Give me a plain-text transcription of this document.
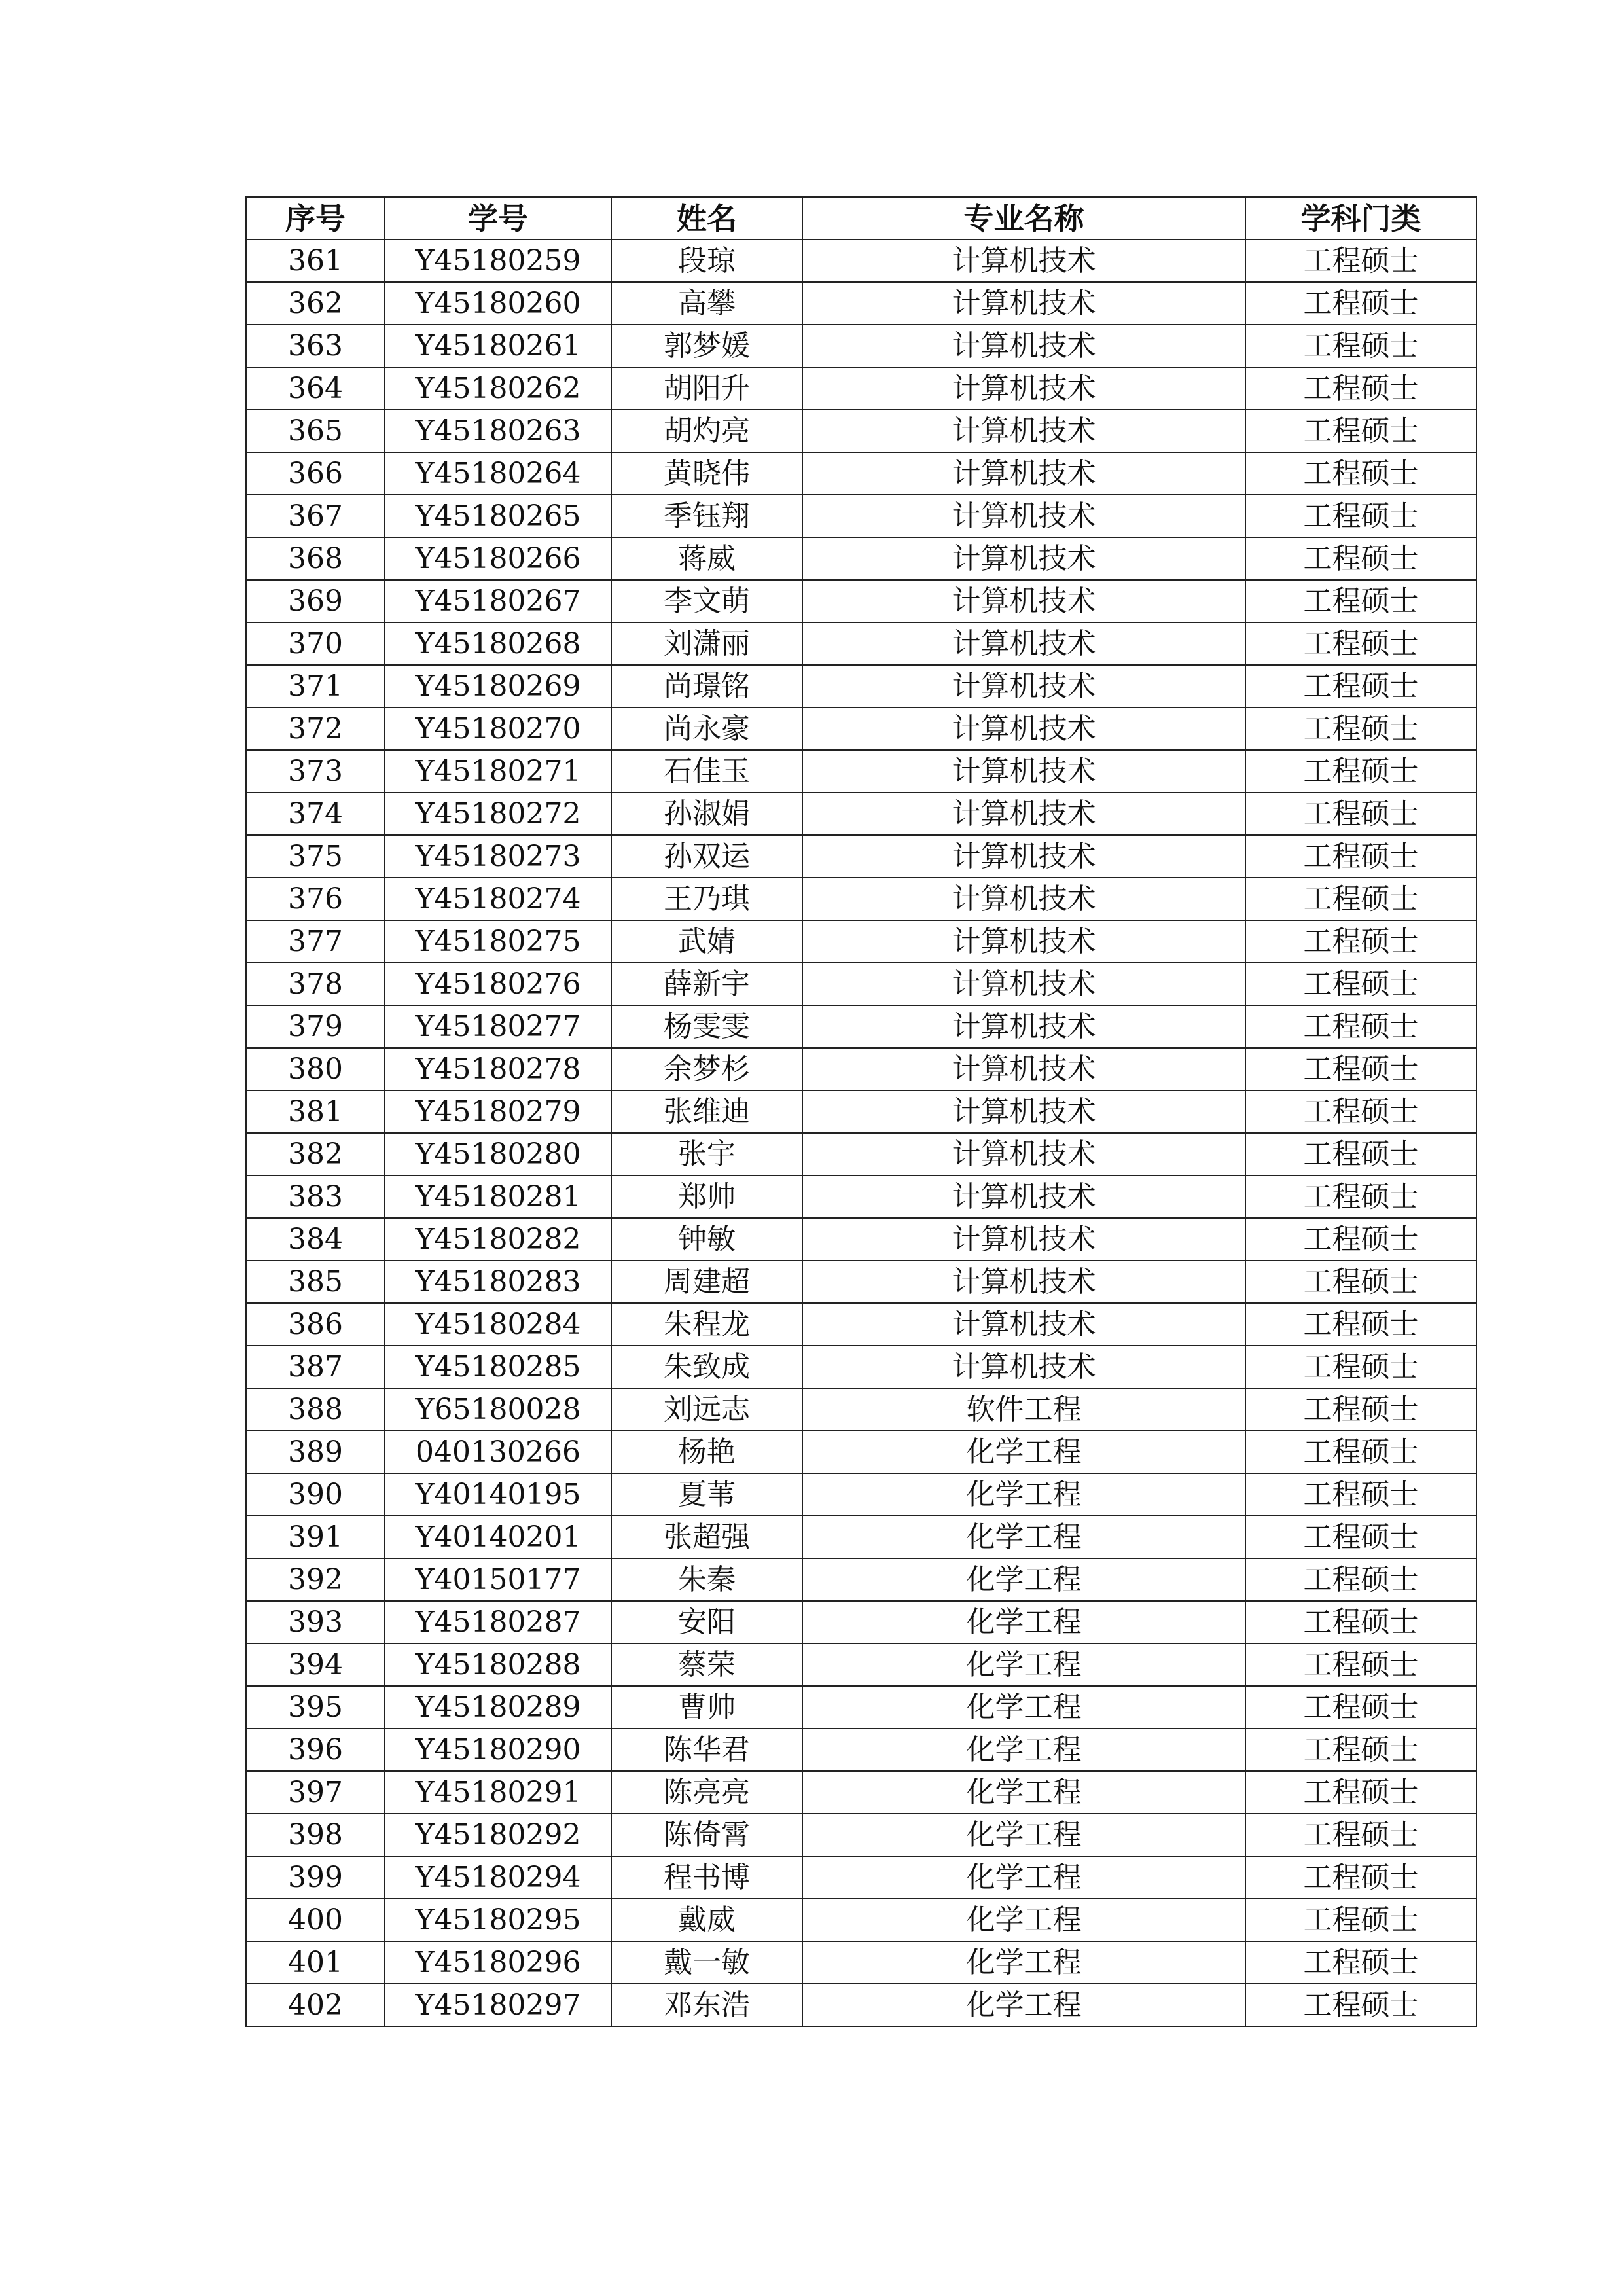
序号	学号	姓名	专业名称	学科门类
361	Y45180259	段琼	计算机技术	工程硕士
362	Y45180260	高攀	计算机技术	工程硕士
363	Y45180261	郭梦媛	计算机技术	工程硕士
364	Y45180262	胡阳升	计算机技术	工程硕士
365	Y45180263	胡灼亮	计算机技术	工程硕士
366	Y45180264	黄晓伟	计算机技术	工程硕士
367	Y45180265	季钰翔	计算机技术	工程硕士
368	Y45180266	蒋威	计算机技术	工程硕士
369	Y45180267	李文萌	计算机技术	工程硕士
370	Y45180268	刘潇丽	计算机技术	工程硕士
371	Y45180269	尚璟铭	计算机技术	工程硕士
372	Y45180270	尚永豪	计算机技术	工程硕士
373	Y45180271	石佳玉	计算机技术	工程硕士
374	Y45180272	孙淑娟	计算机技术	工程硕士
375	Y45180273	孙双运	计算机技术	工程硕士
376	Y45180274	王乃琪	计算机技术	工程硕士
377	Y45180275	武婧	计算机技术	工程硕士
378	Y45180276	薛新宇	计算机技术	工程硕士
379	Y45180277	杨雯雯	计算机技术	工程硕士
380	Y45180278	余梦杉	计算机技术	工程硕士
381	Y45180279	张维迪	计算机技术	工程硕士
382	Y45180280	张宇	计算机技术	工程硕士
383	Y45180281	郑帅	计算机技术	工程硕士
384	Y45180282	钟敏	计算机技术	工程硕士
385	Y45180283	周建超	计算机技术	工程硕士
386	Y45180284	朱程龙	计算机技术	工程硕士
387	Y45180285	朱致成	计算机技术	工程硕士
388	Y65180028	刘远志	软件工程	工程硕士
389	040130266	杨艳	化学工程	工程硕士
390	Y40140195	夏苇	化学工程	工程硕士
391	Y40140201	张超强	化学工程	工程硕士
392	Y40150177	朱秦	化学工程	工程硕士
393	Y45180287	安阳	化学工程	工程硕士
394	Y45180288	蔡荣	化学工程	工程硕士
395	Y45180289	曹帅	化学工程	工程硕士
396	Y45180290	陈华君	化学工程	工程硕士
397	Y45180291	陈亮亮	化学工程	工程硕士
398	Y45180292	陈倚霄	化学工程	工程硕士
399	Y45180294	程书博	化学工程	工程硕士
400	Y45180295	戴威	化学工程	工程硕士
401	Y45180296	戴一敏	化学工程	工程硕士
402	Y45180297	邓东浩	化学工程	工程硕士
